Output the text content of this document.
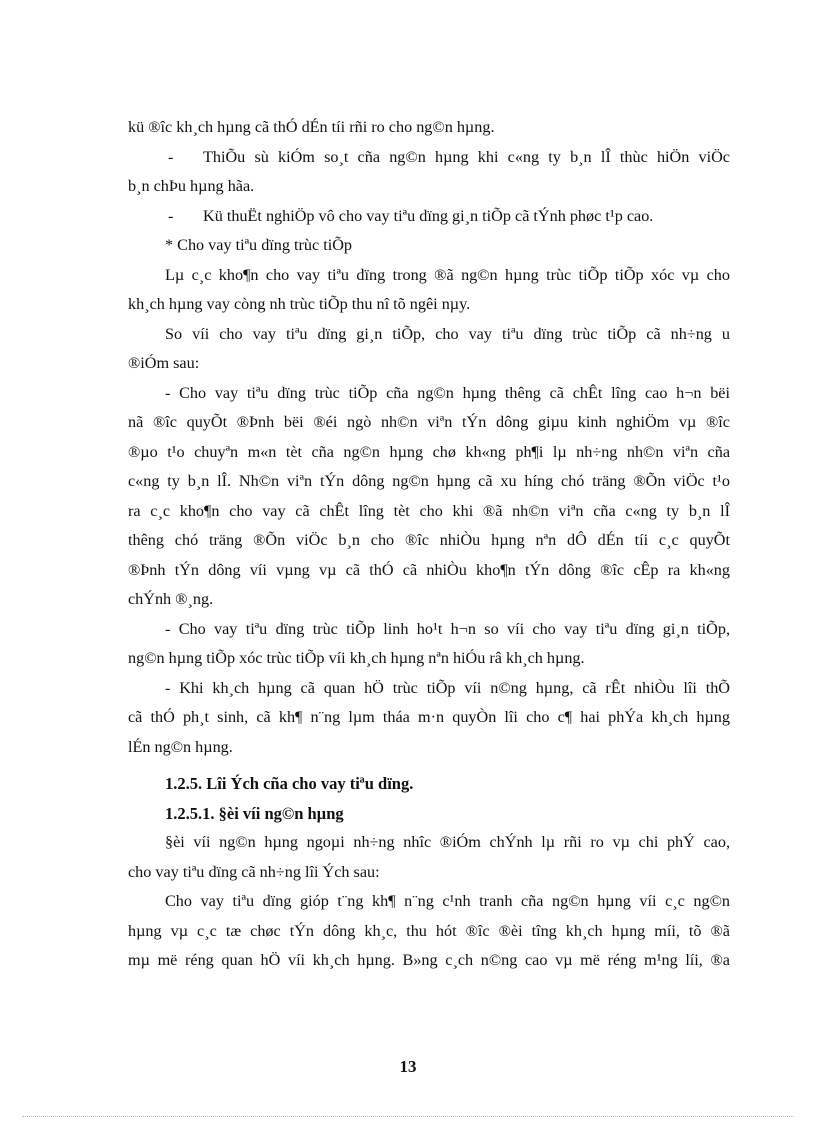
kü ®îc kh¸ch hµng cã thÓ dÉn tíi rñi ro cho ng©n hµng.
-	ThiÕu sù kiÓm so¸t cña ng©n hµng khi c«ng ty b¸n lÎ thùc hiÖn viÖc
b¸n chÞu hµng hãa.
-	Kü thuËt nghiÖp vô cho vay tiªu dïng gi¸n tiÕp cã tÝnh phøc t¹p cao.
* Cho vay tiªu dïng trùc tiÕp
Lµ c¸c kho¶n cho vay tiªu dïng trong ®ã ng©n hµng trùc tiÕp tiÕp xóc vµ cho
kh¸ch hµng vay còng nh trùc tiÕp thu nî tõ ngêi nµy.
So víi cho vay tiªu dïng gi¸n tiÕp, cho vay tiªu dïng trùc tiÕp cã nh÷ng u
®iÓm sau:
- Cho vay tiªu dïng trùc tiÕp cña ng©n hµng thêng cã chÊt lîng cao h¬n bëi
nã ®îc quyÕt ®Þnh bëi ®éi ngò nh©n viªn tÝn dông giµu kinh nghiÖm vµ ®îc
®µo t¹o chuyªn m«n tèt cña ng©n hµng chø kh«ng ph¶i lµ nh÷ng nh©n viªn cña
c«ng ty b¸n lÎ. Nh©n viªn tÝn dông ng©n hµng cã xu híng chó träng ®Õn viÖc t¹o
ra c¸c kho¶n cho vay cã chÊt lîng tèt cho khi ®ã nh©n viªn cña c«ng ty b¸n lÎ
thêng chó träng ®Õn viÖc b¸n cho ®îc nhiÒu hµng nªn dÔ dÉn tíi c¸c quyÕt
®Þnh tÝn dông víi vµng vµ cã thÓ cã nhiÒu kho¶n tÝn dông ®îc cÊp ra kh«ng
chÝnh ®¸ng.
- Cho vay tiªu dïng trùc tiÕp linh ho¹t h¬n so víi cho vay tiªu dïng gi¸n tiÕp,
ng©n hµng tiÕp xóc trùc tiÕp víi kh¸ch hµng nªn hiÓu râ kh¸ch hµng.
- Khi kh¸ch hµng cã quan hÖ trùc tiÕp víi n©ng hµng, cã rÊt nhiÒu lîi thÕ
cã thÓ ph¸t sinh, cã kh¶ n¨ng lµm tháa m·n quyÒn lîi cho c¶ hai phÝa kh¸ch hµng
lÉn ng©n hµng.
1.2.5. Lîi Ých cña cho vay tiªu dïng.
1.2.5.1. §èi víi ng©n hµng
§èi víi ng©n hµng ngoµi nh÷ng nhîc ®iÓm chÝnh lµ rñi ro vµ chi phÝ cao,
cho vay tiªu dïng cã nh÷ng lîi Ých sau:
Cho vay tiªu dïng gióp t¨ng kh¶ n¨ng c¹nh tranh cña ng©n hµng víi c¸c ng©n
hµng vµ c¸c tæ chøc tÝn dông kh¸c, thu hót ®îc ®èi tîng kh¸ch hµng míi, tõ ®ã
mµ më réng quan hÖ víi kh¸ch hµng. B»ng c¸ch n©ng cao vµ më réng m¹ng líi, ®a
13
